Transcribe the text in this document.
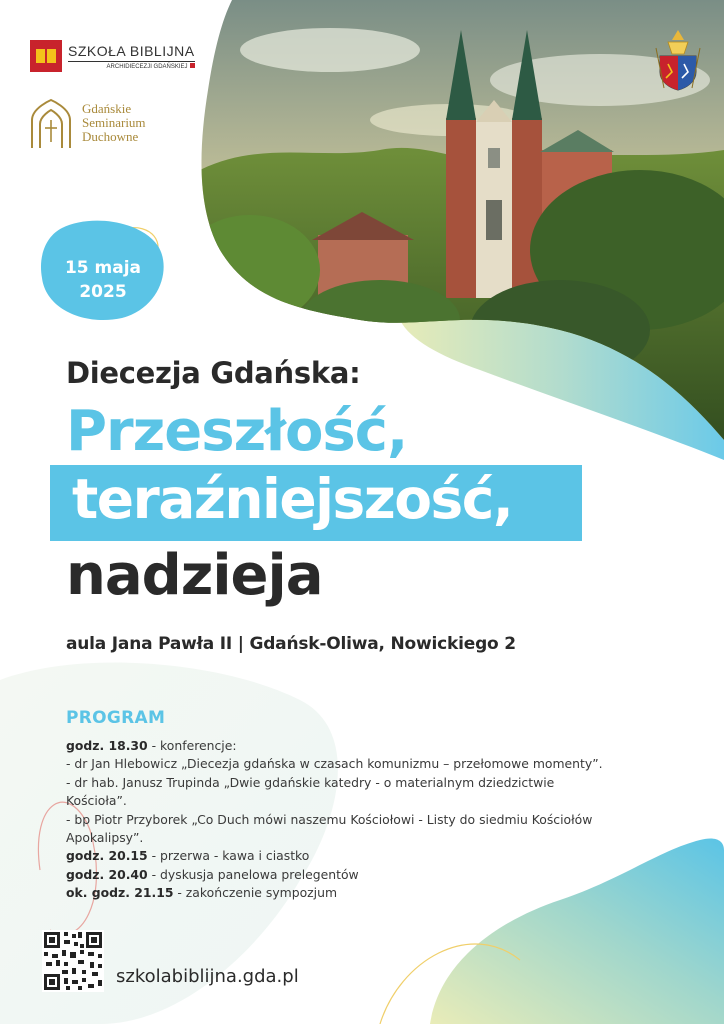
SZKOŁA BIBLIJNA
ARCHIDIECEZJI GDAŃSKIEJ
Gdańskie
Seminarium
Duchowne
15 maja
2025
Diecezja Gdańska:
Przeszłość,
teraźniejszość,
nadzieja
aula Jana Pawła II | Gdańsk-Oliwa, Nowickiego 2
PROGRAM
godz. 18.30 - konferencje:
- dr Jan Hlebowicz „Diecezja gdańska w czasach komunizmu – przełomowe momenty”.
- dr hab. Janusz Trupinda „Dwie gdańskie katedry - o materialnym dziedzictwie
Kościoła”.
- bp Piotr Przyborek „Co Duch mówi naszemu Kościołowi - Listy do siedmiu Kościołów
Apokalipsy”.
godz. 20.15 - przerwa - kawa i ciastko
godz. 20.40 - dyskusja panelowa prelegentów
ok. godz. 21.15 - zakończenie sympozjum
szkolabiblijna.gda.pl
